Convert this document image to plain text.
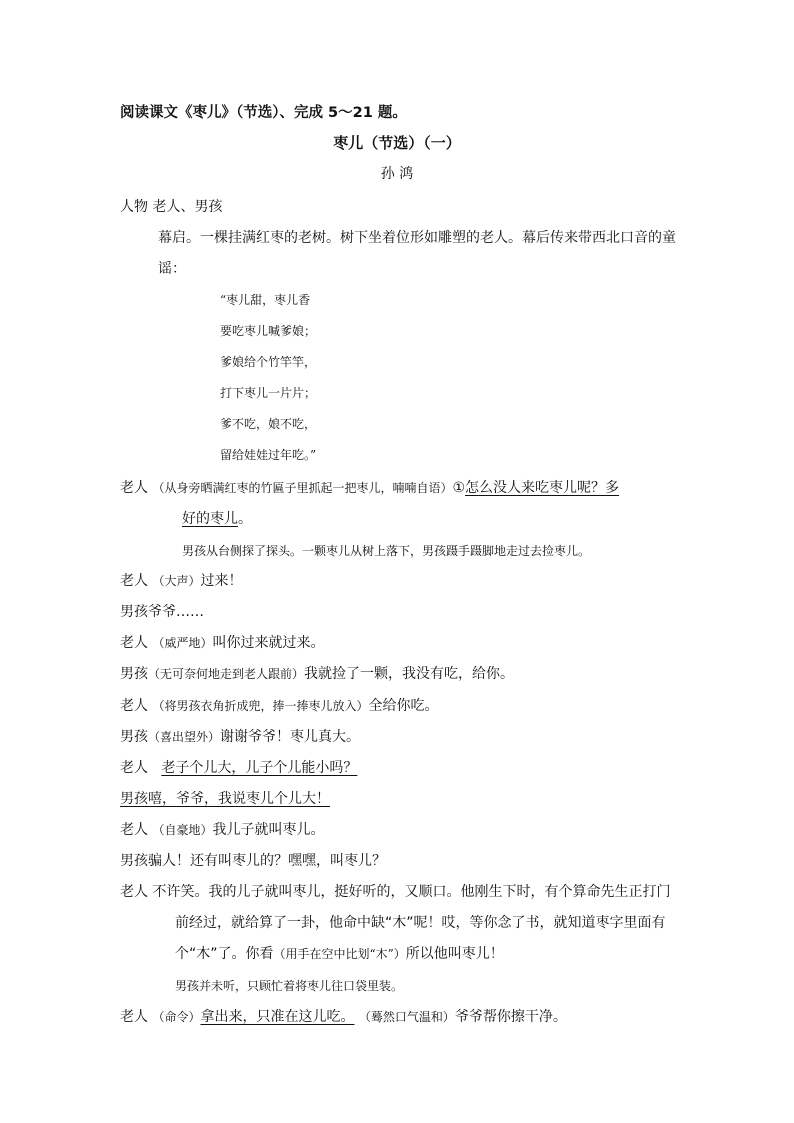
阅读课文《枣儿》（节选）、完成 5～21 题。
枣儿（节选）（一）
孙 鸿
人物 老人、男孩
幕启。一棵挂满红枣的老树。树下坐着位形如雕塑的老人。幕后传来带西北口音的童
谣：
“枣儿甜，枣儿香
要吃枣儿喊爹娘；
爹娘给个竹竿竿，
打下枣儿一片片；
爹不吃，娘不吃，
留给娃娃过年吃。”
老人 （从身旁晒满红枣的竹匾子里抓起一把枣儿，喃喃自语）①怎么没人来吃枣儿呢？多
好的枣儿。
男孩从台侧探了探头。一颗枣儿从树上落下，男孩蹑手蹑脚地走过去捡枣儿。
老人 （大声）过来！
男孩爷爷……
老人 （威严地）叫你过来就过来。
男孩（无可奈何地走到老人跟前）我就捡了一颗，我没有吃，给你。
老人 （将男孩衣角折成兜，捧一捧枣儿放入）全给你吃。
男孩（喜出望外）谢谢爷爷！枣儿真大。
老人 老子个儿大，儿子个儿能小吗？
男孩嘻，爷爷，我说枣儿个儿大！
老人 （自豪地）我儿子就叫枣儿。
男孩骗人！还有叫枣儿的？嘿嘿，叫枣儿？
老人 不许笑。我的儿子就叫枣儿，挺好听的，又顺口。他刚生下时，有个算命先生正打门
前经过，就给算了一卦，他命中缺“木”呢！哎，等你念了书，就知道枣字里面有
个“木”了。你看（用手在空中比划“木”）所以他叫枣儿！
男孩并未听，只顾忙着将枣儿往口袋里装。
老人 （命令）拿出来，只准在这儿吃。 （蓦然口气温和）爷爷帮你擦干净。
